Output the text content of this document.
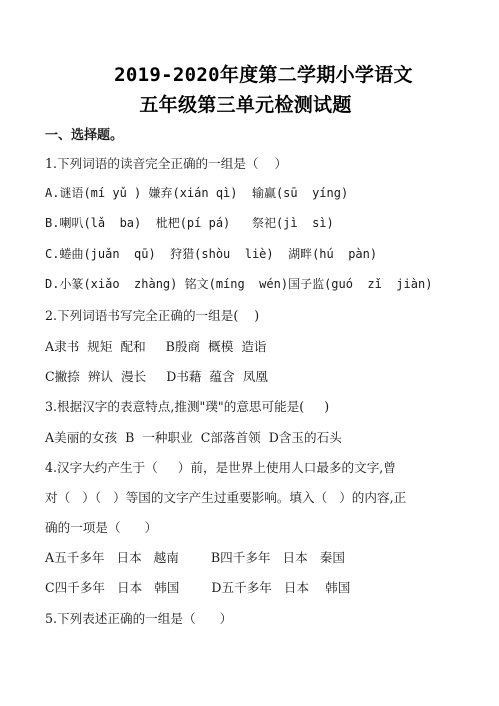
2019-2020年度第二学期小学语文
五年级第三单元检测试题
一、选择题。
1.下列词语的读音完全正确的一组是（    ）
A.谜语(mí yǔ ) 嫌弃(xián qì)  输赢(sū  yíng)
B.喇叭(lǎ  ba)  枇杷(pí pá)   祭祀(jì  sì)
C.蜷曲(juǎn  qū)  狩猎(shòu  liè)  湖畔(hú  pàn)
D.小篆(xiǎo  zhàng) 铭文(míng  wén)国子监(guó  zǐ  jiàn)
2.下列词语书写完全正确的一组是(    )
A隶书  规矩  配和     B殷商  概模  造诣
C撇捺  辨认  漫长     D书藉  蕴含  凤凰
3.根据汉字的表意特点,推测"璞"的意思可能是(     )
A美丽的女孩  B  一种职业  C部落首领  D含玉的石头
4.汉字大约产生于（     ）前，是世界上使用人口最多的文字,曾
对（   ）（   ）等国的文字产生过重要影响。填入（   ）的内容,正
确的一项是（      ）
A五千多年   日本   越南        B四千多年   日本   秦国
C四千多年   日本   韩国        D五千多年   日本    韩国
5.下列表述正确的一组是（      ）
